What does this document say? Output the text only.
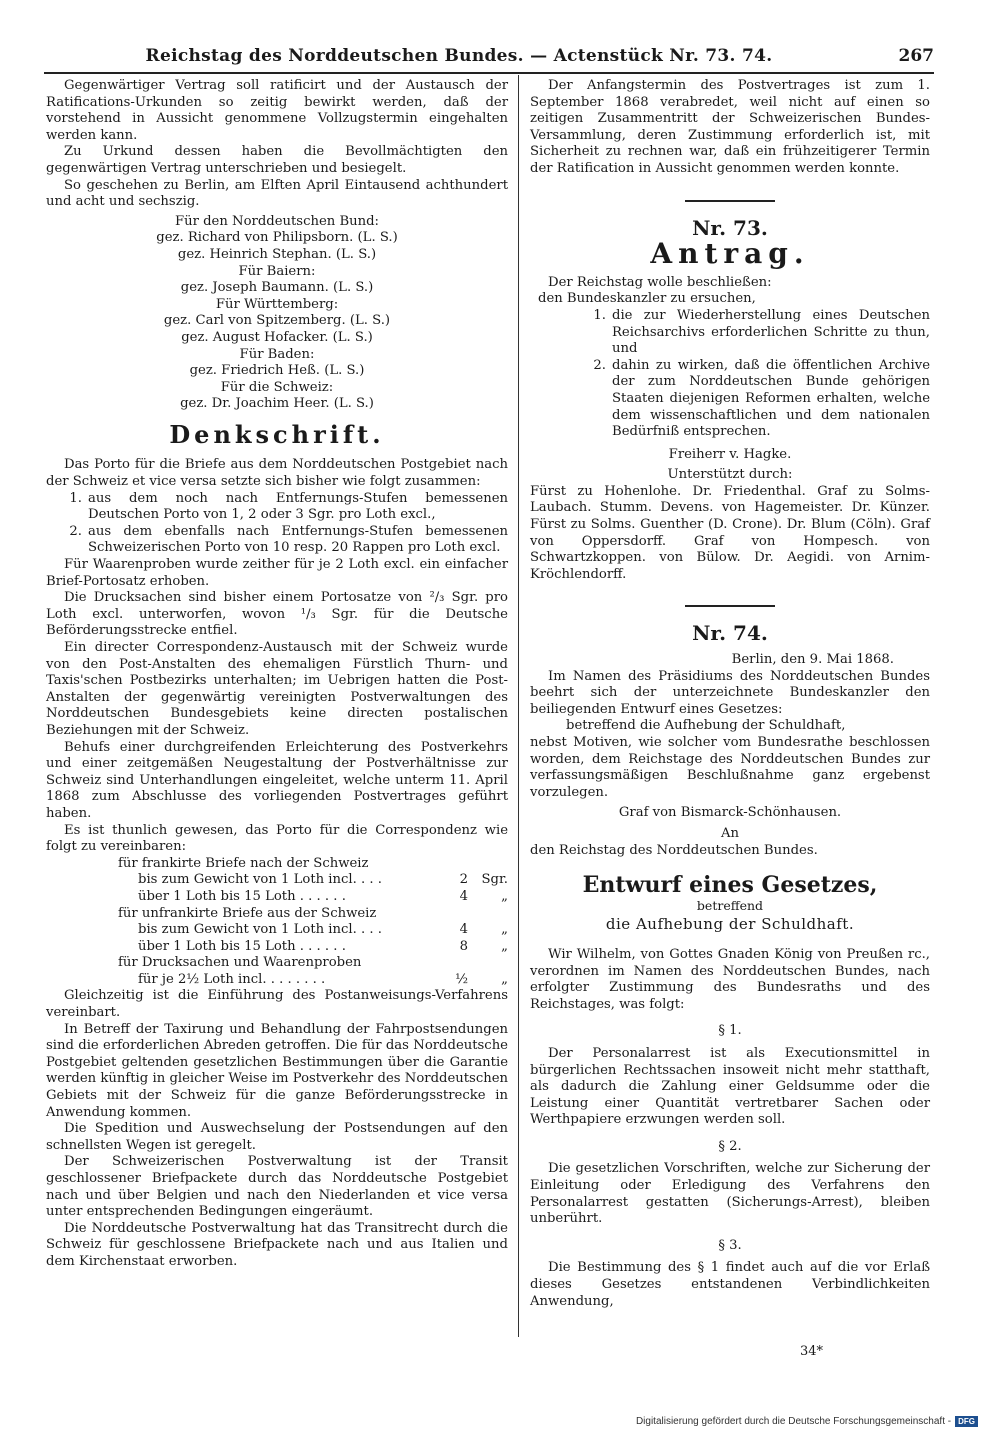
Reichstag des Norddeutschen Bundes. — Actenstück Nr. 73. 74.	267

Gegenwärtiger Vertrag soll ratificirt und der Austausch der Ratifications-Urkunden so zeitig bewirkt werden, daß der vorstehend in Aussicht genommene Vollzugstermin eingehalten werden kann.

Zu Urkund dessen haben die Bevollmächtigten den gegenwärtigen Vertrag unterschrieben und besiegelt.

So geschehen zu Berlin, am Elften April Eintausend achthundert und acht und sechszig.

Für den Norddeutschen Bund:
gez. Richard von Philipsborn. (L. S.)
gez. Heinrich Stephan. (L. S.)
Für Baiern:
gez. Joseph Baumann. (L. S.)
Für Württemberg:
gez. Carl von Spitzemberg. (L. S.)
gez. August Hofacker. (L. S.)
Für Baden:
gez. Friedrich Heß. (L. S.)
Für die Schweiz:
gez. Dr. Joachim Heer. (L. S.)
Denkschrift.

Das Porto für die Briefe aus dem Norddeutschen Postgebiet nach der Schweiz et vice versa setzte sich bisher wie folgt zusammen:

1. aus dem noch nach Entfernungs-Stufen bemessenen Deutschen Porto von 1, 2 oder 3 Sgr. pro Loth excl.,
2. aus dem ebenfalls nach Entfernungs-Stufen bemessenen Schweizerischen Porto von 10 resp. 20 Rappen pro Loth excl.

Für Waarenproben wurde zeither für je 2 Loth excl. ein einfacher Brief-Portosatz erhoben.

Die Drucksachen sind bisher einem Portosatze von ²/₃ Sgr. pro Loth excl. unterworfen, wovon ¹/₃ Sgr. für die Deutsche Beförderungsstrecke entfiel.

Ein directer Correspondenz-Austausch mit der Schweiz wurde von den Post-Anstalten des ehemaligen Fürstlich Thurn- und Taxis'schen Postbezirks unterhalten; im Uebrigen hatten die Post-Anstalten der gegenwärtig vereinigten Postverwaltungen des Norddeutschen Bundesgebiets keine directen postalischen Beziehungen mit der Schweiz.

Behufs einer durchgreifenden Erleichterung des Postverkehrs und einer zeitgemäßen Neugestaltung der Postverhältnisse zur Schweiz sind Unterhandlungen eingeleitet, welche unterm 11. April 1868 zum Abschlusse des vorliegenden Postvertrages geführt haben.

Es ist thunlich gewesen, das Porto für die Correspondenz wie folgt zu vereinbaren:

für frankirte Briefe nach der Schweiz
bis zum Gewicht von 1 Loth incl. . . .	2	Sgr.
über 1 Loth bis 15 Loth . . . . . .	4	„
für unfrankirte Briefe aus der Schweiz
bis zum Gewicht von 1 Loth incl. . . .	4	„
über 1 Loth bis 15 Loth . . . . . .	8	„
für Drucksachen und Waarenproben
für je 2½ Loth incl. . . . . . . .	½	„

Gleichzeitig ist die Einführung des Postanweisungs-Verfahrens vereinbart.

In Betreff der Taxirung und Behandlung der Fahrpostsendungen sind die erforderlichen Abreden getroffen. Die für das Norddeutsche Postgebiet geltenden gesetzlichen Bestimmungen über die Garantie werden künftig in gleicher Weise im Postverkehr des Norddeutschen Gebiets mit der Schweiz für die ganze Beförderungsstrecke in Anwendung kommen.

Die Spedition und Auswechselung der Postsendungen auf den schnellsten Wegen ist geregelt.

Der Schweizerischen Postverwaltung ist der Transit geschlossener Briefpackete durch das Norddeutsche Postgebiet nach und über Belgien und nach den Niederlanden et vice versa unter entsprechenden Bedingungen eingeräumt.

Die Norddeutsche Postverwaltung hat das Transitrecht durch die Schweiz für geschlossene Briefpackete nach und aus Italien und dem Kirchenstaat erworben.

Der Anfangstermin des Postvertrages ist zum 1. September 1868 verabredet, weil nicht auf einen so zeitigen Zusammentritt der Schweizerischen Bundes-Versammlung, deren Zustimmung erforderlich ist, mit Sicherheit zu rechnen war, daß ein frühzeitigerer Termin der Ratification in Aussicht genommen werden konnte.

Nr. 73.
Antrag.

Der Reichstag wolle beschließen:

den Bundeskanzler zu ersuchen,

1. die zur Wiederherstellung eines Deutschen Reichsarchivs erforderlichen Schritte zu thun, und
2. dahin zu wirken, daß die öffentlichen Archive der zum Norddeutschen Bunde gehörigen Staaten diejenigen Reformen erhalten, welche dem wissenschaftlichen und dem nationalen Bedürfniß entsprechen.

Freiherr v. Hagke.

Unterstützt durch:

Fürst zu Hohenlohe. Dr. Friedenthal. Graf zu Solms-Laubach. Stumm. Devens. von Hagemeister. Dr. Künzer. Fürst zu Solms. Guenther (D. Crone). Dr. Blum (Cöln). Graf von Oppersdorff. Graf von Hompesch. von Schwartzkoppen. von Bülow. Dr. Aegidi. von Arnim-Kröchlendorff.

Nr. 74.

Berlin, den 9. Mai 1868.

Im Namen des Präsidiums des Norddeutschen Bundes beehrt sich der unterzeichnete Bundeskanzler den beiliegenden Entwurf eines Gesetzes:

betreffend die Aufhebung der Schuldhaft,

nebst Motiven, wie solcher vom Bundesrathe beschlossen worden, dem Reichstage des Norddeutschen Bundes zur verfassungsmäßigen Beschlußnahme ganz ergebenst vorzulegen.

Graf von Bismarck-Schönhausen.

An

den Reichstag des Norddeutschen Bundes.

Entwurf eines Gesetzes,
betreffend
die Aufhebung der Schuldhaft.

Wir Wilhelm, von Gottes Gnaden König von Preußen rc., verordnen im Namen des Norddeutschen Bundes, nach erfolgter Zustimmung des Bundesraths und des Reichstages, was folgt:

§ 1.

Der Personalarrest ist als Executionsmittel in bürgerlichen Rechtssachen insoweit nicht mehr statthaft, als dadurch die Zahlung einer Geldsumme oder die Leistung einer Quantität vertretbarer Sachen oder Werthpapiere erzwungen werden soll.

§ 2.

Die gesetzlichen Vorschriften, welche zur Sicherung der Einleitung oder Erledigung des Verfahrens den Personalarrest gestatten (Sicherungs-Arrest), bleiben unberührt.

§ 3.

Die Bestimmung des § 1 findet auch auf die vor Erlaß dieses Gesetzes entstandenen Verbindlichkeiten Anwendung,

34*
Digitalisierung gefördert durch die Deutsche Forschungsgemeinschaft - DFG
